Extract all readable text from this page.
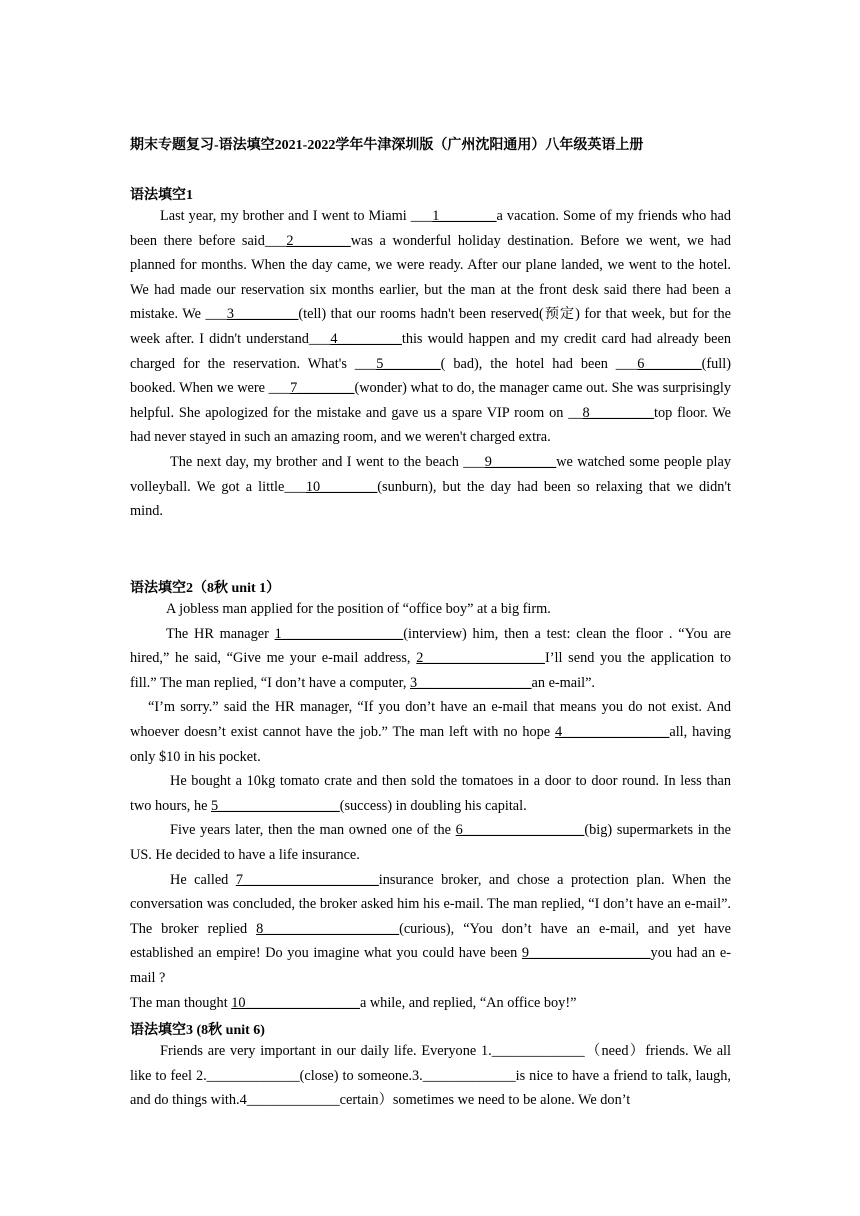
期末专题复习-语法填空2021-2022学年牛津深圳版（广州沈阳通用）八年级英语上册
语法填空1

Last year, my brother and I went to Miami ___1________a vacation. Some of my friends who had been there before said___2________was a wonderful holiday destination. Before we went, we had planned for months. When the day came, we were ready. After our plane landed, we went to the hotel. We had made our reservation six months earlier, but the man at the front desk said there had been a mistake. We ___3_________(tell) that our rooms hadn't been reserved(预定) for that week, but for the week after. I didn't understand___4_________this would happen and my credit card had already been charged for the reservation. What's ___5________( bad), the hotel had been ___6________(full) booked. When we were ___7________(wonder) what to do, the manager came out. She was surprisingly helpful. She apologized for the mistake and gave us a spare VIP room on __8_________top floor. We had never stayed in such an amazing room, and we weren't charged extra.

The next day, my brother and I went to the beach ___9_________we watched some people play volleyball. We got a little___10________(sunburn), but the day had been so relaxing that we didn't mind.

语法填空2（8秋 unit 1）

A jobless man applied for the position of “office boy” at a big firm.

The HR manager 1_________________(interview) him, then a test: clean the floor . “You are hired,” he said, “Give me your e-mail address, 2_________________I’ll send you the application to fill.” The man replied, “I don’t have a computer, 3________________an e-mail”.

“I’m sorry.” said the HR manager, “If you don’t have an e-mail that means you do not exist. And whoever doesn’t exist cannot have the job.” The man left with no hope 4_______________all, having only $10 in his pocket.

He bought a 10kg tomato crate and then sold the tomatoes in a door to door round. In less than two hours, he 5_________________(success) in doubling his capital.

Five years later, then the man owned one of the 6_________________(big) supermarkets in the US. He decided to have a life insurance.

He called 7___________________insurance broker, and chose a protection plan. When the conversation was concluded, the broker asked him his e-mail. The man replied, “I don’t have an e-mail”. The broker replied 8___________________(curious), “You don’t have an e-mail, and yet have established an empire! Do you imagine what you could have been 9_________________you had an e-mail ?

The man thought 10________________a while, and replied, “An office boy!”

语法填空3 (8秋 unit 6)

Friends are very important in our daily life. Everyone 1._____________（need）friends. We all like to feel 2._____________(close) to someone.3._____________is nice to have a friend to talk, laugh, and do things with.4_____________certain）sometimes we need to be alone. We don’t
